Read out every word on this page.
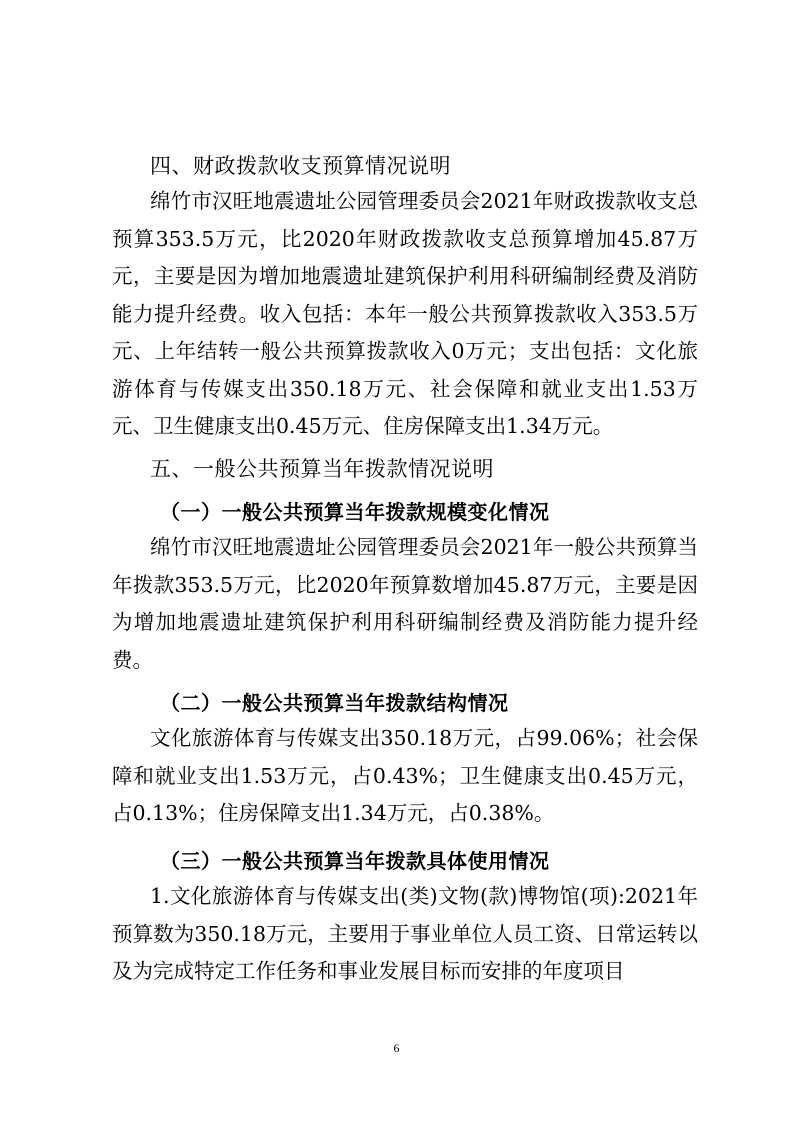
四、财政拨款收支预算情况说明
绵竹市汉旺地震遗址公园管理委员会2021年财政拨款收支总预算353.5万元，比2020年财政拨款收支总预算增加45.87万元，主要是因为增加地震遗址建筑保护利用科研编制经费及消防能力提升经费。收入包括：本年一般公共预算拨款收入353.5万元、上年结转一般公共预算拨款收入0万元；支出包括：文化旅游体育与传媒支出350.18万元、社会保障和就业支出1.53万元、卫生健康支出0.45万元、住房保障支出1.34万元。
五、一般公共预算当年拨款情况说明
（一）一般公共预算当年拨款规模变化情况
绵竹市汉旺地震遗址公园管理委员会2021年一般公共预算当年拨款353.5万元，比2020年预算数增加45.87万元，主要是因为增加地震遗址建筑保护利用科研编制经费及消防能力提升经费。
（二）一般公共预算当年拨款结构情况
文化旅游体育与传媒支出350.18万元，占99.06%；社会保障和就业支出1.53万元，占0.43%；卫生健康支出0.45万元，占0.13%；住房保障支出1.34万元，占0.38%。
（三）一般公共预算当年拨款具体使用情况
1.文化旅游体育与传媒支出(类)文物(款)博物馆(项):2021年预算数为350.18万元，主要用于事业单位人员工资、日常运转以及为完成特定工作任务和事业发展目标而安排的年度项目
6
